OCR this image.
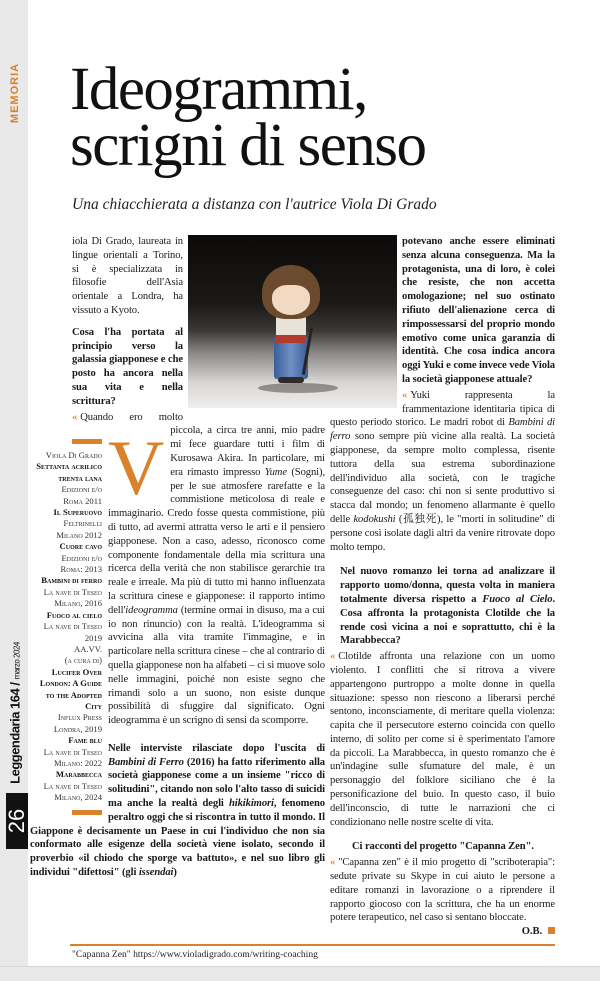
MEMORIA
Leggendaria 164 / marzo 2024
26
Ideogrammi,
scrigni di senso
Una chiacchierata a distanza con l'autrice Viola Di Grado
Viola Di Grado
Settanta acrilico
trenta lana
Edizioni e/o
Roma 2011
Il Superuovo
Feltrinelli
Milano 2012
Cuore cavo
Edizioni e/o
Roma: 2013
Bambini di ferro
La nave di Teseo
Milano, 2016
Fuoco al cielo
La nave di Teseo 2019
AA.VV.
(a cura di)
Lucifer Over
London: A Guide
to the Adopted City
Influx Press
Londra, 2019
Fame blu
La nave di Teseo
Milano: 2022
Marabbecca
La nave di Teseo
Milano, 2024

V
iola Di Grado, laureata in lingue orientali a Torino, si è specializzata in filosofie dell'Asia orientale a Londra, ha vissuto a Kyoto.

Cosa l'ha portata al principio verso la galassia giapponese e che posto ha ancora nella sua vita e nella scrittura?

« Quando ero molto piccola, a circa tre anni, mio padre mi fece guardare tutti i film di Kurosawa Akira. In particolare, mi era rimasto impresso Yume (Sogni), per le sue atmosfere rarefatte e la commistione meticolosa di reale e immaginario. Credo fosse questa commistione, più di tutto, ad avermi attratta verso le arti e il pensiero giapponese. Non a caso, adesso, riconosco come componente fondamentale della mia scrittura una ricerca della verità che non stabilisce gerarchie tra reale e irreale. Ma più di tutto mi hanno influenzata la scrittura cinese e giapponese: il rapporto intimo dell'ideogramma (termine ormai in disuso, ma a cui io non rinuncio) con la realtà. L'ideogramma si avvicina alla vita tramite l'immagine, e in particolare nella scrittura cinese – che al contrario di quella giapponese non ha alfabeti – ci si muove solo nelle immagini, poiché non esiste segno che rimandi solo a un suono, non esiste dunque possibilità di sfuggire dal significato. Ogni ideogramma è un scrigno di sensi da scomporre.

Nelle interviste rilasciate dopo l'uscita di Bambini di Ferro (2016) ha fatto riferimento alla società giapponese come a un insieme "ricco di solitudini", citando non solo l'alto tasso di suicidi ma anche la realtà degli hikikimori, fenomeno peraltro oggi che si riscontra in tutto il mondo. Il Giappone è decisamente un Paese in cui l'individuo che non sia conformato alle esigenze della società viene isolato, secondo il proverbio «il chiodo che sporge va battuto», e nel suo libro gli individui "difettosi" (gli issendai)

potevano anche essere eliminati senza alcuna conseguenza. Ma la protagonista, una di loro, è colei che resiste, che non accetta omologazione; nel suo ostinato rifiuto dell'alienazione cerca di rimpossessarsi del proprio mondo emotivo come unica garanzia di identità. Che cosa indica ancora oggi Yuki e come invece vede Viola la società giapponese attuale?

« Yuki rappresenta la frammentazione identitaria tipica di questo periodo storico. Le madri robot di Bambini di ferro sono sempre più vicine alla realtà. La società giapponese, da sempre molto complessa, risente tuttora della sua estrema subordinazione dell'individuo alla società, con le tragiche conseguenze del caso: chi non si sente produttivo si stacca dal mondo; un fenomeno allarmante è quello delle kodokushi (孤独死), le "morti in solitudine" di persone così isolate dagli altri da venire ritrovate dopo molto tempo.

Nel nuovo romanzo lei torna ad analizzare il rapporto uomo/donna, questa volta in maniera totalmente diversa rispetto a Fuoco al Cielo. Cosa affronta la protagonista Clotilde che la rende così vicina a noi e soprattutto, chi è la Marabbecca?

« Clotilde affronta una relazione con un uomo violento. I conflitti che si ritrova a vivere appartengono purtroppo a molte donne in quella situazione: spesso non riescono a liberarsi perché sentono, inconsciamente, di meritare quella violenza: capita che il persecutore esterno coincida con quello interno, di solito per come si è sperimentato l'amore da piccoli. La Marabbecca, in questo romanzo che è un'indagine sulle sfumature del male, è un personaggio del folklore siciliano che è la personificazione del buio. In questo caso, il buio dell'inconscio, di tutte le narrazioni che ci condizionano nelle nostre scelte di vita.

Ci racconti del progetto "Capanna Zen".

« "Capanna zen" è il mio progetto di "scriboterapia": sedute private su Skype in cui aiuto le persone a editare romanzi in lavorazione o a riprendere il rapporto giocoso con la scrittura, che ha un enorme potere terapeutico, nel caso si sentano bloccate.
O.B.

"Capanna Zen" https://www.violadigrado.com/writing-coaching
